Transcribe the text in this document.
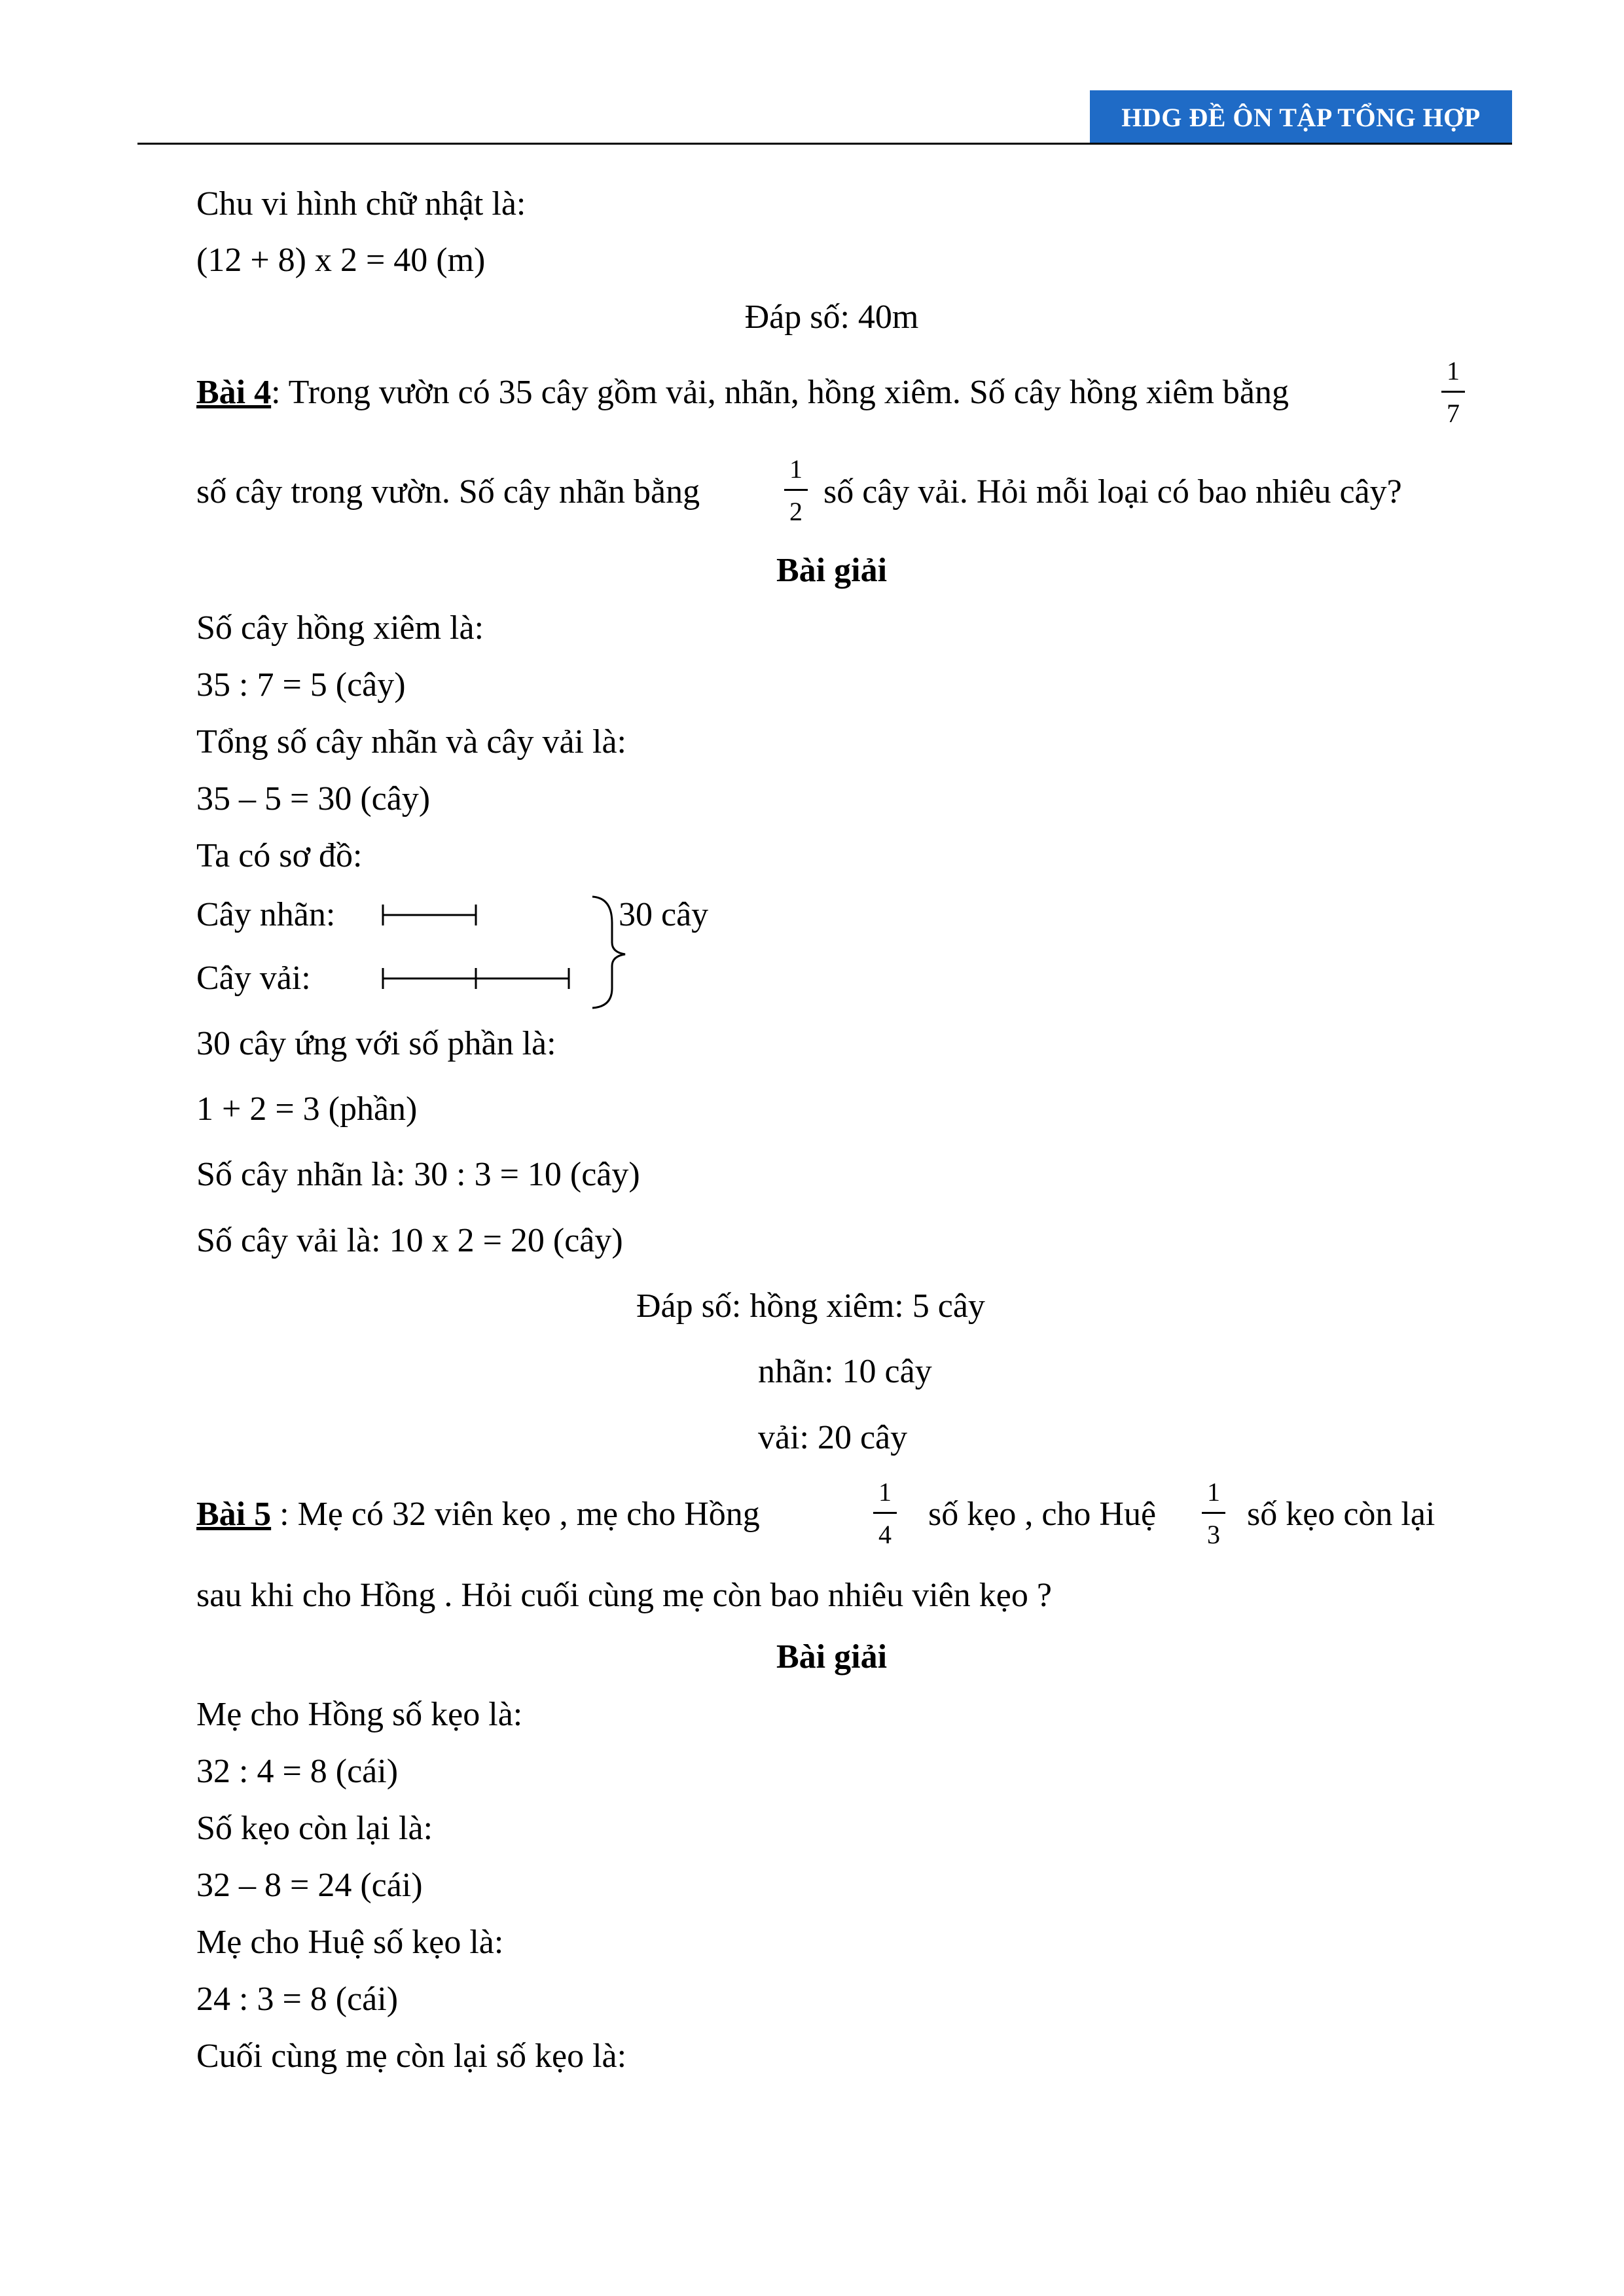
HDG ĐỀ ÔN TẬP TỔNG HỢP
Chu vi hình chữ nhật là:
(12 + 8) x 2 = 40 (m)
Đáp số: 40m
Bài 4: Trong vườn có 35 cây gồm vải, nhãn, hồng xiêm. Số cây hồng xiêm bằng
1
7
số cây trong vườn. Số cây nhãn bằng
1
2
số cây vải. Hỏi mỗi loại có bao nhiêu cây?
Bài giải
Số cây hồng xiêm là:
35 : 7 = 5 (cây)
Tổng số cây nhãn và cây vải là:
35 – 5 = 30 (cây)
Ta có sơ đồ:
Cây nhãn:
Cây vải:
30 cây
30 cây ứng với số phần là:
1 + 2 = 3 (phần)
Số cây nhãn là: 30 : 3 = 10 (cây)
Số cây vải là: 10 x 2 = 20 (cây)
Đáp số: hồng xiêm: 5 cây
nhãn: 10 cây
vải: 20 cây
Bài 5 : Mẹ có 32 viên kẹo , mẹ cho Hồng
1
4
số kẹo , cho Huệ
1
3
số kẹo còn lại
sau khi cho Hồng . Hỏi cuối cùng mẹ còn bao nhiêu viên kẹo ?
Bài giải
Mẹ cho Hồng số kẹo là:
32 : 4 = 8 (cái)
Số kẹo còn lại là:
32 – 8 = 24 (cái)
Mẹ cho Huệ số kẹo là:
24 : 3 = 8 (cái)
Cuối cùng mẹ còn lại số kẹo là:
